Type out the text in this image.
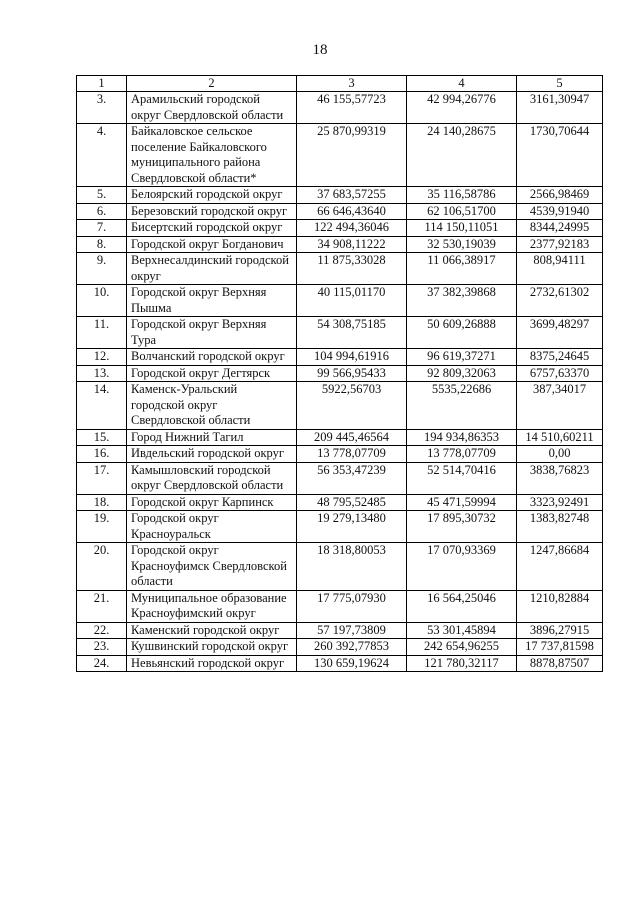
18
1	2	3	4	5
3.	Арамильский городской округ Свердловской области	46 155,57723	42 994,26776	3161,30947
4.	Байкаловское сельское поселение Байкаловского муниципального района Свердловской области*	25 870,99319	24 140,28675	1730,70644
5.	Белоярский городской округ	37 683,57255	35 116,58786	2566,98469
6.	Березовский городской округ	66 646,43640	62 106,51700	4539,91940
7.	Бисертский городской округ	122 494,36046	114 150,11051	8344,24995
8.	Городской округ Богданович	34 908,11222	32 530,19039	2377,92183
9.	Верхнесалдинский городской округ	11 875,33028	11 066,38917	808,94111
10.	Городской округ Верхняя Пышма	40 115,01170	37 382,39868	2732,61302
11.	Городской округ Верхняя Тура	54 308,75185	50 609,26888	3699,48297
12.	Волчанский городской округ	104 994,61916	96 619,37271	8375,24645
13.	Городской округ Дегтярск	99 566,95433	92 809,32063	6757,63370
14.	Каменск-Уральский городской округ Свердловской области	5922,56703	5535,22686	387,34017
15.	Город Нижний Тагил	209 445,46564	194 934,86353	14 510,60211
16.	Ивдельский городской округ	13 778,07709	13 778,07709	0,00
17.	Камышловский городской округ Свердловской области	56 353,47239	52 514,70416	3838,76823
18.	Городской округ Карпинск	48 795,52485	45 471,59994	3323,92491
19.	Городской округ Красноуральск	19 279,13480	17 895,30732	1383,82748
20.	Городской округ Красноуфимск Свердловской области	18 318,80053	17 070,93369	1247,86684
21.	Муниципальное образование Красноуфимский округ	17 775,07930	16 564,25046	1210,82884
22.	Каменский городской округ	57 197,73809	53 301,45894	3896,27915
23.	Кушвинский городской округ	260 392,77853	242 654,96255	17 737,81598
24.	Невьянский городской округ	130 659,19624	121 780,32117	8878,87507
